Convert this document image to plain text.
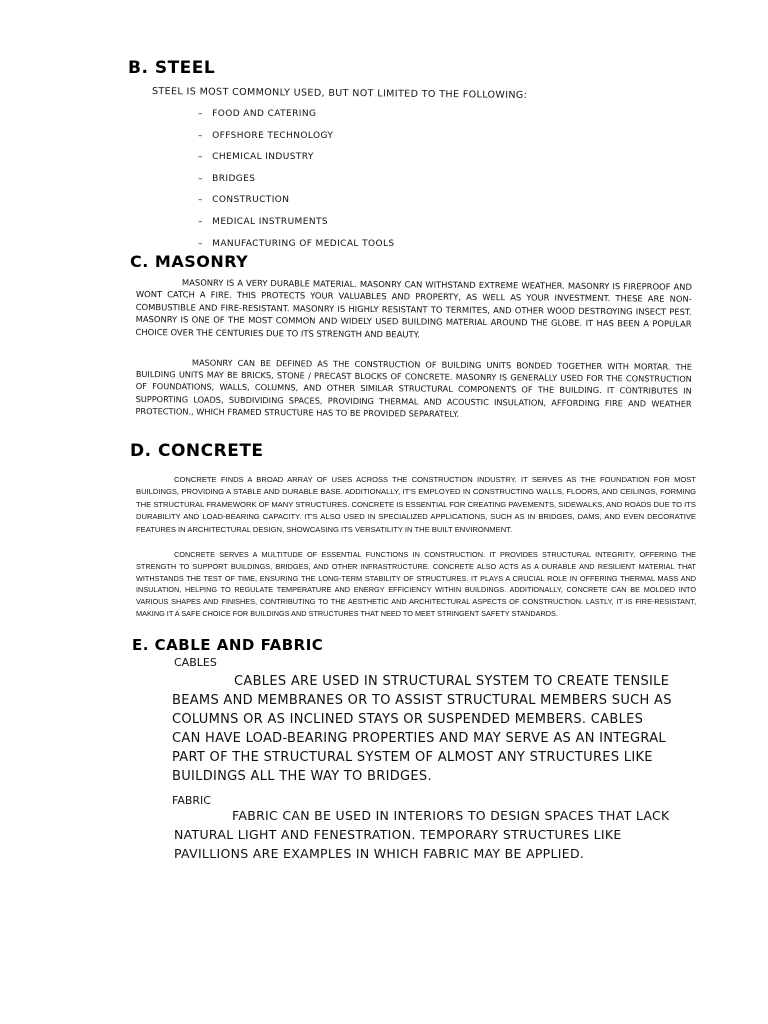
B. STEEL
STEEL IS MOST COMMONLY USED, BUT NOT LIMITED TO THE FOLLOWING:
– FOOD AND CATERING
– OFFSHORE TECHNOLOGY
– CHEMICAL INDUSTRY
– BRIDGES
– CONSTRUCTION
– MEDICAL INSTRUMENTS
– MANUFACTURING OF MEDICAL TOOLS
C. MASONRY
MASONRY IS A VERY DURABLE MATERIAL. MASONRY CAN WITHSTAND EXTREME WEATHER. MASONRY IS FIREPROOF AND WONT CATCH A FIRE. THIS PROTECTS YOUR VALUABLES AND PROPERTY, AS WELL AS YOUR INVESTMENT. THESE ARE NON-COMBUSTIBLE AND FIRE-RESISTANT. MASONRY IS HIGHLY RESISTANT TO TERMITES, AND OTHER WOOD DESTROYING INSECT PEST. MASONRY IS ONE OF THE MOST COMMON AND WIDELY USED BUILDING MATERIAL AROUND THE GLOBE. IT HAS BEEN A POPULAR CHOICE OVER THE CENTURIES DUE TO ITS STRENGTH AND BEAUTY.
MASONRY CAN BE DEFINED AS THE CONSTRUCTION OF BUILDING UNITS BONDED TOGETHER WITH MORTAR. THE BUILDING UNITS MAY BE BRICKS, STONE / PRECAST BLOCKS OF CONCRETE. MASONRY IS GENERALLY USED FOR THE CONSTRUCTION OF FOUNDATIONS, WALLS, COLUMNS, AND OTHER SIMILAR STRUCTURAL COMPONENTS OF THE BUILDING. IT CONTRIBUTES IN SUPPORTING LOADS, SUBDIVIDING SPACES, PROVIDING THERMAL AND ACOUSTIC INSULATION, AFFORDING FIRE AND WEATHER PROTECTION., WHICH FRAMED STRUCTURE HAS TO BE PROVIDED SEPARATELY.
D. CONCRETE
CONCRETE FINDS A BROAD ARRAY OF USES ACROSS THE CONSTRUCTION INDUSTRY. IT SERVES AS THE FOUNDATION FOR MOST BUILDINGS, PROVIDING A STABLE AND DURABLE BASE. ADDITIONALLY, IT'S EMPLOYED IN CONSTRUCTING WALLS, FLOORS, AND CEILINGS, FORMING THE STRUCTURAL FRAMEWORK OF MANY STRUCTURES. CONCRETE IS ESSENTIAL FOR CREATING PAVEMENTS, SIDEWALKS, AND ROADS DUE TO ITS DURABILITY AND LOAD-BEARING CAPACITY. IT'S ALSO USED IN SPECIALIZED APPLICATIONS, SUCH AS IN BRIDGES, DAMS, AND EVEN DECORATIVE FEATURES IN ARCHITECTURAL DESIGN, SHOWCASING ITS VERSATILITY IN THE BUILT ENVIRONMENT.
CONCRETE SERVES A MULTITUDE OF ESSENTIAL FUNCTIONS IN CONSTRUCTION. IT PROVIDES STRUCTURAL INTEGRITY, OFFERING THE STRENGTH TO SUPPORT BUILDINGS, BRIDGES, AND OTHER INFRASTRUCTURE. CONCRETE ALSO ACTS AS A DURABLE AND RESILIENT MATERIAL THAT WITHSTANDS THE TEST OF TIME, ENSURING THE LONG-TERM STABILITY OF STRUCTURES. IT PLAYS A CRUCIAL ROLE IN OFFERING THERMAL MASS AND INSULATION, HELPING TO REGULATE TEMPERATURE AND ENERGY EFFICIENCY WITHIN BUILDINGS. ADDITIONALLY, CONCRETE CAN BE MOLDED INTO VARIOUS SHAPES AND FINISHES, CONTRIBUTING TO THE AESTHETIC AND ARCHITECTURAL ASPECTS OF CONSTRUCTION. LASTLY, IT IS FIRE-RESISTANT, MAKING IT A SAFE CHOICE FOR BUILDINGS AND STRUCTURES THAT NEED TO MEET STRINGENT SAFETY STANDARDS.
E. CABLE AND FABRIC
CABLES
CABLES ARE USED IN STRUCTURAL SYSTEM TO CREATE TENSILE BEAMS AND MEMBRANES OR TO ASSIST STRUCTURAL MEMBERS SUCH AS COLUMNS OR AS INCLINED STAYS OR SUSPENDED MEMBERS. CABLES CAN HAVE LOAD-BEARING PROPERTIES AND MAY SERVE AS AN INTEGRAL PART OF THE STRUCTURAL SYSTEM OF ALMOST ANY STRUCTURES LIKE BUILDINGS ALL THE WAY TO BRIDGES.
FABRIC
FABRIC CAN BE USED IN INTERIORS TO DESIGN SPACES THAT LACK NATURAL LIGHT AND FENESTRATION. TEMPORARY STRUCTURES LIKE PAVILLIONS ARE EXAMPLES IN WHICH FABRIC MAY BE APPLIED.
